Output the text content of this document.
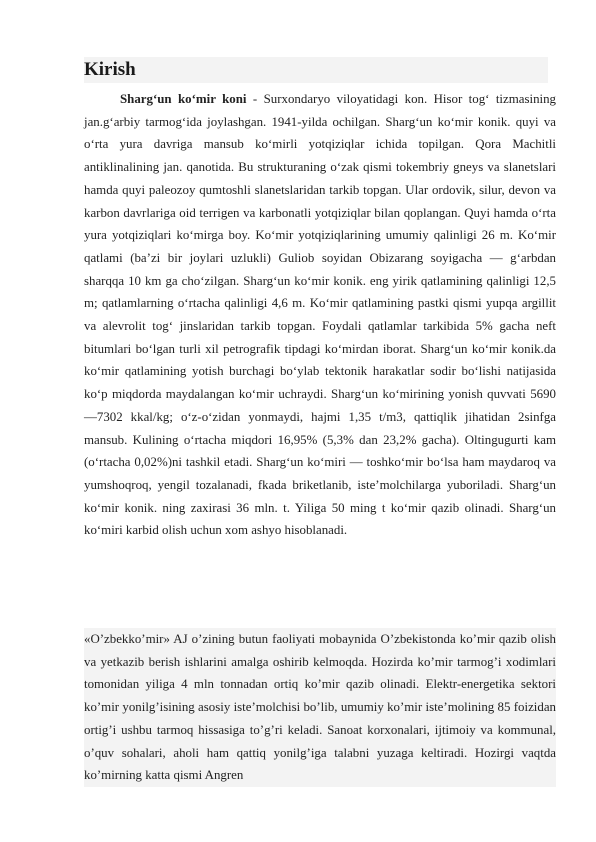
Kirish

Sharg‘un ko‘mir koni - Surxondaryo viloyatidagi kon. Hisor tog‘ tizmasining jan.g‘arbiy tarmog‘ida joylashgan. 1941-yilda ochilgan. Sharg‘un ko‘mir konik. quyi va o‘rta yura davriga mansub ko‘mirli yotqiziqlar ichida topilgan. Qora Machitli antiklinalining jan. qanotida. Bu strukturaning o‘zak qismi tokembriy gneys va slanetslari hamda quyi paleozoy qumtoshli slanetslaridan tarkib topgan. Ular ordovik, silur, devon va karbon davrlariga oid terrigen va karbonatli yotqiziqlar bilan qoplangan. Quyi hamda o‘rta yura yotqiziqlari ko‘mirga boy. Ko‘mir yotqiziqlarining umumiy qalinligi 26 m. Ko‘mir qatlami (ba’zi bir joylari uzlukli) Guliob soyidan Obizarang soyigacha — g‘arbdan sharqqa 10 km ga cho‘zilgan. Sharg‘un ko‘mir konik. eng yirik qatlamining qalinligi 12,5 m; qatlamlarning o‘rtacha qalinligi 4,6 m. Ko‘mir qatlamining pastki qismi yupqa argillit va alevrolit tog‘ jinslaridan tarkib topgan. Foydali qatlamlar tarkibida 5% gacha neft bitumlari bo‘lgan turli xil petrografik tipdagi ko‘mirdan iborat. Sharg‘un ko‘mir konik.da ko‘mir qatlamining yotish burchagi bo‘ylab tektonik harakatlar sodir bo‘lishi natijasida ko‘p miqdorda maydalangan ko‘mir uchraydi. Sharg‘un ko‘mirining yonish quvvati 5690—7302 kkal/kg; o‘z-o‘zidan yonmaydi, hajmi 1,35 t/m3, qattiqlik jihatidan 2sinfga mansub. Kulining o‘rtacha miqdori 16,95% (5,3% dan 23,2% gacha). Oltingugurti kam (o‘rtacha 0,02%)ni tashkil etadi. Sharg‘un ko‘miri — toshko‘mir bo‘lsa ham maydaroq va yumshoqroq, yengil tozalanadi, fkada briketlanib, iste’molchilarga yuboriladi. Sharg‘un ko‘mir konik. ning zaxirasi 36 mln. t. Yiliga 50 ming t ko‘mir qazib olinadi. Sharg‘un ko‘miri karbid olish uchun xom ashyo hisoblanadi.

«O’zbekko’mir» AJ o’zining butun faoliyati mobaynida O’zbekistonda ko’mir qazib olish va yetkazib berish ishlarini amalga oshirib kelmoqda. Hozirda ko’mir tarmog’i xodimlari tomonidan yiliga 4 mln tonnadan ortiq ko’mir qazib olinadi. Elektr-energetika sektori ko’mir yonilg’isining asosiy iste’molchisi bo’lib, umumiy ko’mir iste’molining 85 foizidan ortig’i ushbu tarmoq hissasiga to’g’ri keladi. Sanoat korxonalari, ijtimoiy va kommunal, o’quv sohalari, aholi ham qattiq yonilg’iga talabni yuzaga keltiradi. Hozirgi vaqtda ko’mirning katta qismi Angren
